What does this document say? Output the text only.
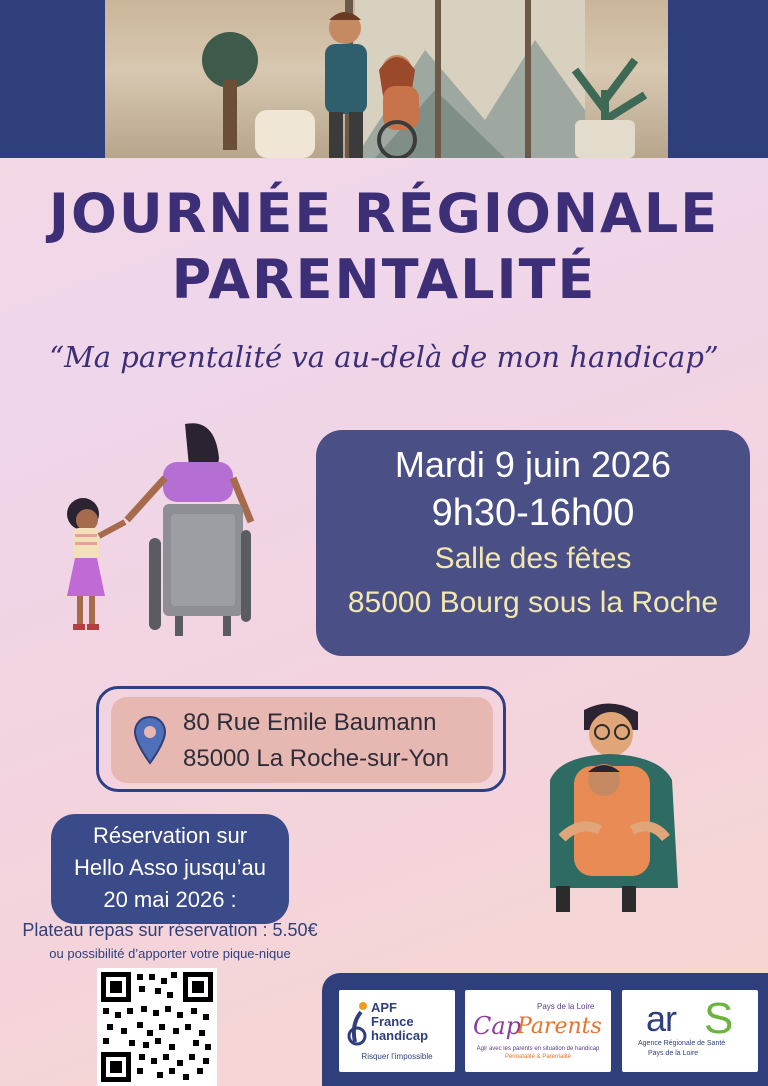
JOURNÉE RÉGIONALE
PARENTALITÉ
“Ma parentalité va au-delà de mon handicap”
Mardi 9 juin 2026
9h30-16h00
Salle des fêtes
85000 Bourg sous la Roche
80 Rue Emile Baumann
85000 La Roche-sur-Yon
Réservation sur
Hello Asso jusqu’au
20 mai 2026 :
Plateau repas sur réservation : 5.50€
ou possibilité d’apporter votre pique-nique
APF
France
handicap
Risquer l’impossible
Pays de la Loire
Cap
Parents
Agir avec les parents en situation de handicap
Périnatalité & Parentalité
ar S
Agence Régionale de Santé
Pays de la Loire
